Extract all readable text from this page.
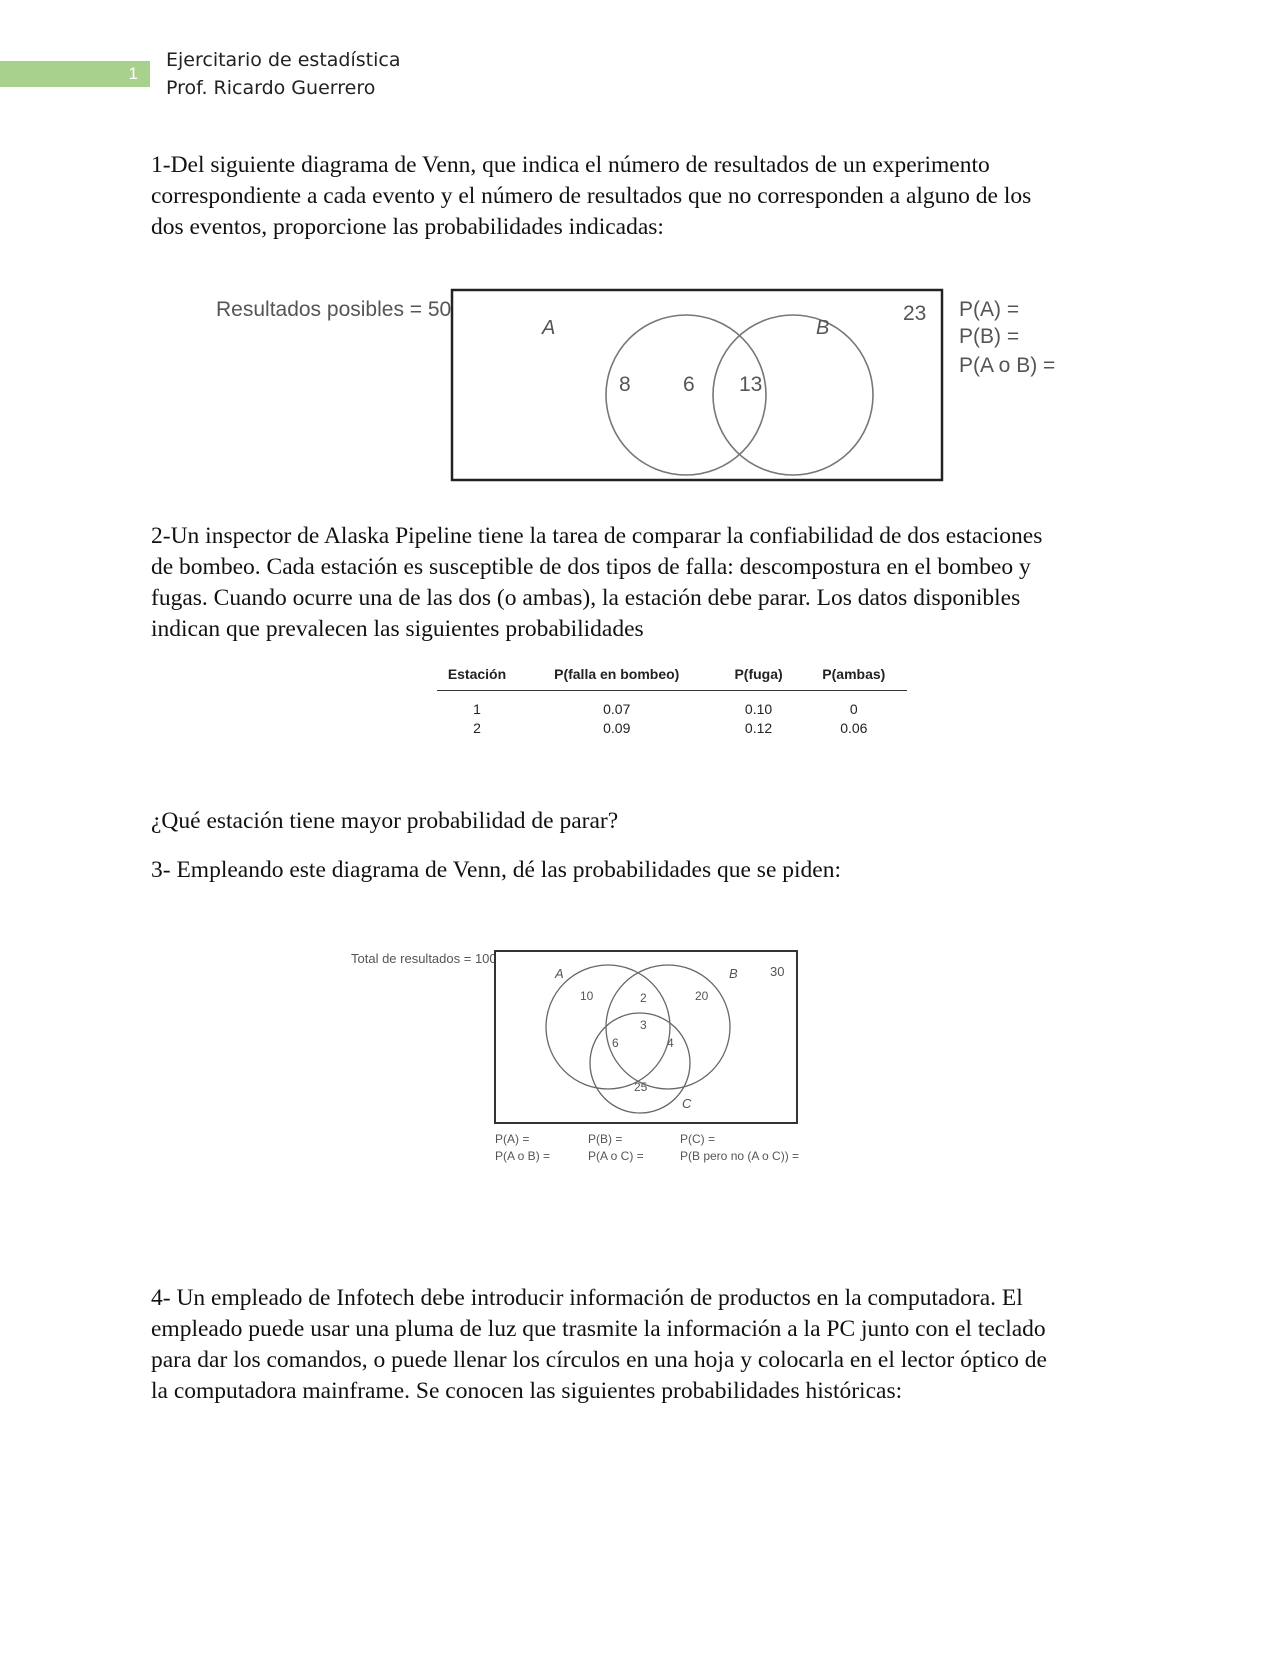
1
Ejercitario de estadística
Prof. Ricardo Guerrero
1-Del siguiente diagrama de Venn, que indica el número de resultados de un experimento
correspondiente a cada evento y el número de resultados que no corresponden a alguno de los
dos eventos, proporcione las probabilidades indicadas:
Resultados posibles = 50
A	B
8 6 13
23 P(A) =
P(B) =
P(A o B) =
2-Un inspector de Alaska Pipeline tiene la tarea de comparar la confiabilidad de dos estaciones
de bombeo. Cada estación es susceptible de dos tipos de falla: descompostura en el bombeo y
fugas. Cuando ocurre una de las dos (o ambas), la estación debe parar. Los datos disponibles
indican que prevalecen las siguientes probabilidades
Estación	P(falla en bombeo)	P(fuga)	P(ambas)
1	0.07	0.10	0
2	0.09	0.12	0.06
¿Qué estación tiene mayor probabilidad de parar?
3- Empleando este diagrama de Venn, dé las probabilidades que se piden:
Total de resultados = 100
A	B
C
10	2	20
3
6	4
25
30
P(A) =	P(B) =	P(C) =
P(A o B) =	P(A o C) =	P(B pero no (A o C)) =
4- Un empleado de Infotech debe introducir información de productos en la computadora. El
empleado puede usar una pluma de luz que trasmite la información a la PC junto con el teclado
para dar los comandos, o puede llenar los círculos en una hoja y colocarla en el lector óptico de
la computadora mainframe. Se conocen las siguientes probabilidades históricas:
